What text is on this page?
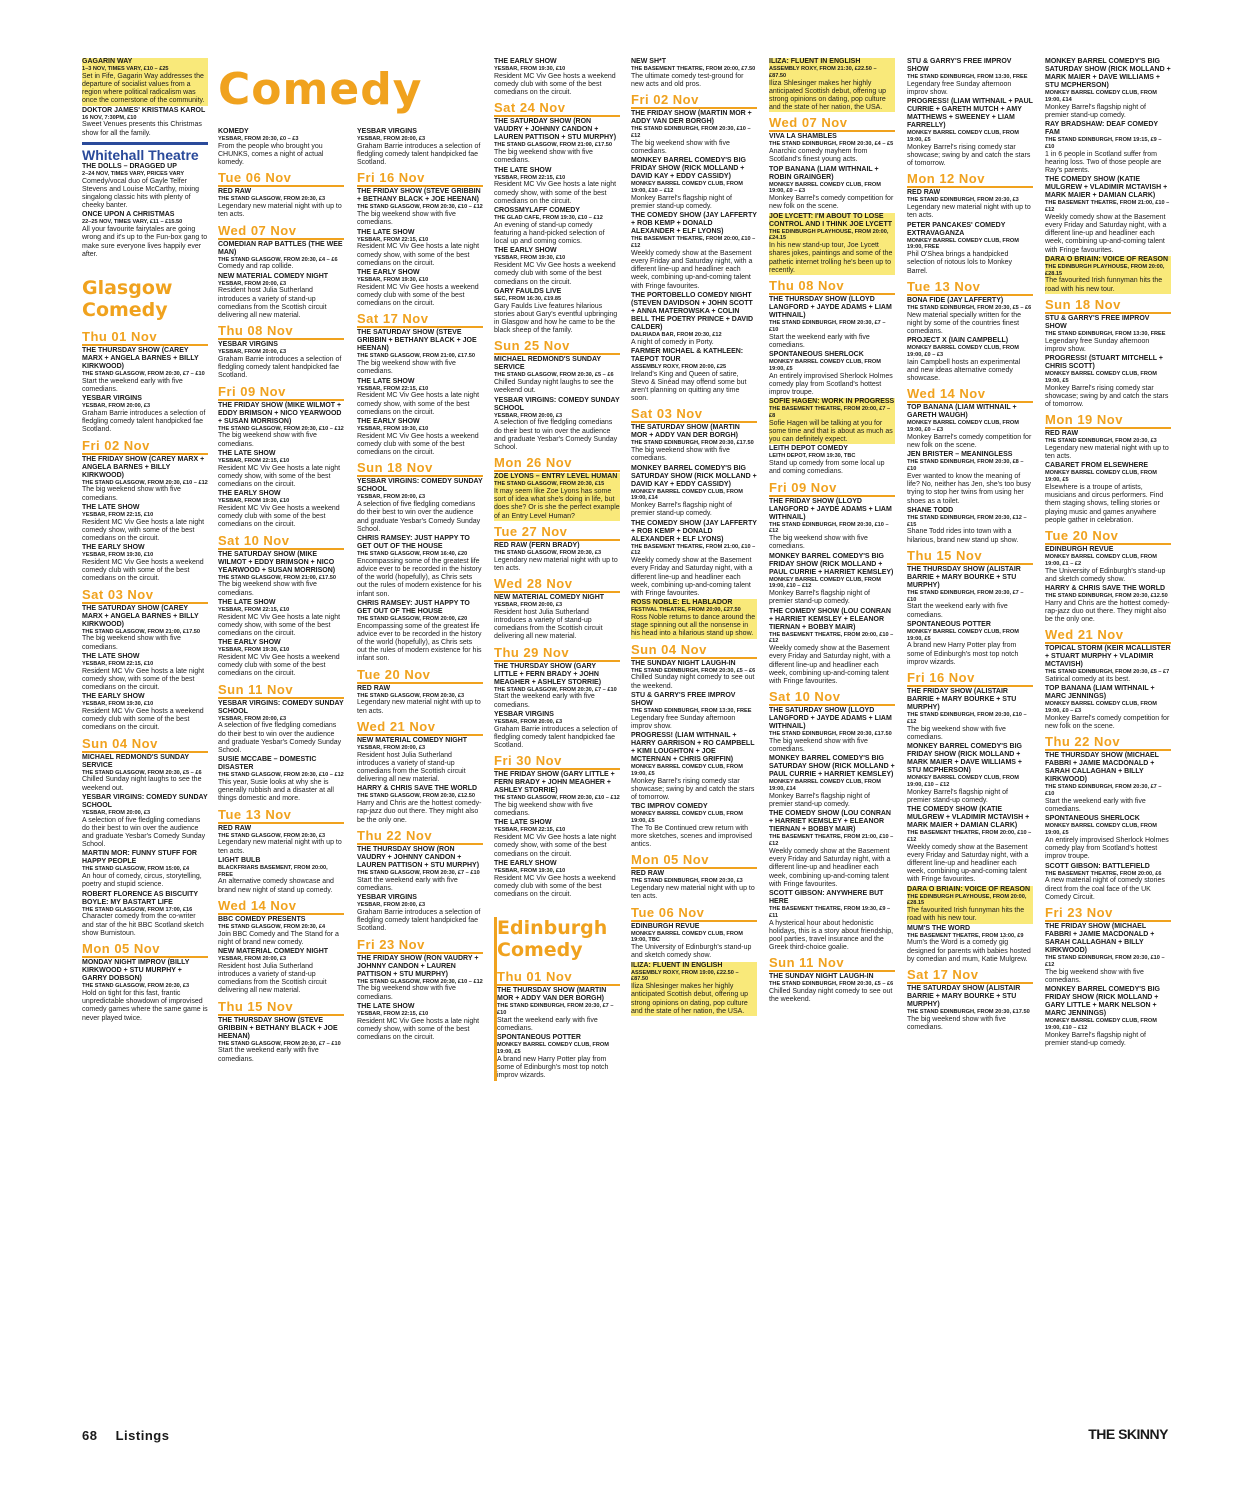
Comedy
GAGARIN WAY
1–3 NOV, TIMES VARY, £10 – £25
Set in Fife, Gagarin Way addresses the departure of socialist values from a region where political radicalism was once the cornerstone of the community.
DOKTOR JAMES' KRISTMAS KAROL
16 NOV, 7:30PM, £10
Sweet Venues presents this Christmas show for all the family.
Whitehall Theatre
THE DOLLS – DRAGGED UP
2–24 NOV, TIMES VARY, PRICES VARY
Comedy/vocal duo of Gayle Telfer Stevens and Louise McCarthy, mixing singalong classic hits with plenty of cheeky banter.
ONCE UPON A CHRISTMAS
22–25 NOV, TIMES VARY, £11 – £15.50
All your favourite fairytales are going wrong and it's up to the Fun-box gang to make sure everyone lives happily ever after.
Glasgow Comedy
Thu 01 Nov
THE THURSDAY SHOW (CAREY MARX + ANGELA BARNES + BILLY KIRKWOOD)
THE STAND GLASGOW, FROM 20:30, £7 – £10
Start the weekend early with five comedians.
YESBAR VIRGINS
YESBAR, FROM 20:00, £3
Graham Barrie introduces a selection of fledgling comedy talent handpicked fae Scotland.
Fri 02 Nov
THE FRIDAY SHOW (CAREY MARX + ANGELA BARNES + BILLY KIRKWOOD)
THE STAND GLASGOW, FROM 20:30, £10 – £12
The big weekend show with five comedians.
THE LATE SHOW
YESBAR, FROM 22:15, £10
Resident MC Viv Gee hosts a late night comedy show, with some of the best comedians on the circuit.
THE EARLY SHOW
YESBAR, FROM 19:30, £10
Resident MC Viv Gee hosts a weekend comedy club with some of the best comedians on the circuit.
Sat 03 Nov
THE SATURDAY SHOW (CAREY MARX + ANGELA BARNES + BILLY KIRKWOOD)
THE STAND GLASGOW, FROM 21:00, £17.50
The big weekend show with five comedians.
THE LATE SHOW
YESBAR, FROM 22:15, £10
Resident MC Viv Gee hosts a late night comedy show, with some of the best comedians on the circuit.
THE EARLY SHOW
YESBAR, FROM 19:30, £10
Resident MC Viv Gee hosts a weekend comedy club with some of the best comedians on the circuit.
Sun 04 Nov
MICHAEL REDMOND'S SUNDAY SERVICE
THE STAND GLASGOW, FROM 20:30, £5 – £6
Chilled Sunday night laughs to see the weekend out.
YESBAR VIRGINS: COMEDY SUNDAY SCHOOL
YESBAR, FROM 20:00, £3
A selection of five fledgling comedians do their best to win over the audience and graduate Yesbar's Comedy Sunday School.
MARTIN MOR: FUNNY STUFF FOR HAPPY PEOPLE
THE STAND GLASGOW, FROM 15:00, £4
An hour of comedy, circus, storytelling, poetry and stupid science.
ROBERT FLORENCE AS BISCUITY BOYLE: MY BASTART LIFE
THE STAND GLASGOW, FROM 17:00, £16
Character comedy from the co-writer and star of the hit BBC Scotland sketch show Burnistoun.
Mon 05 Nov
MONDAY NIGHT IMPROV (BILLY KIRKWOOD + STU MURPHY + GARRY DOBSON)
THE STAND GLASGOW, FROM 20:30, £3
Hold on tight for this fast, frantic unpredictable showdown of improvised comedy games where the same game is never played twice.
KOMEDY
YESBAR, FROM 20:30, £0 – £3
From the people who brought you CHUNKS, comes a night of actual komedy.
Tue 06 Nov
RED RAW
THE STAND GLASGOW, FROM 20:30, £3
Legendary new material night with up to ten acts.
Wed 07 Nov
COMEDIAN RAP BATTLES (THE WEE MAN)
THE STAND GLASGOW, FROM 20:30, £4 – £6
Comedy and rap collide.
NEW MATERIAL COMEDY NIGHT
YESBAR, FROM 20:00, £3
Resident host Julia Sutherland introduces a variety of stand-up comedians from the Scottish circuit delivering all new material.
Thu 08 Nov
YESBAR VIRGINS
YESBAR, FROM 20:00, £3
Graham Barrie introduces a selection of fledgling comedy talent handpicked fae Scotland.
Fri 09 Nov
THE FRIDAY SHOW (MIKE WILMOT + EDDY BRIMSON + NICO YEARWOOD + SUSAN MORRISON)
THE STAND GLASGOW, FROM 20:30, £10 – £12
The big weekend show with five comedians.
THE LATE SHOW
YESBAR, FROM 22:15, £10
Resident MC Viv Gee hosts a late night comedy show, with some of the best comedians on the circuit.
THE EARLY SHOW
YESBAR, FROM 19:30, £10
Resident MC Viv Gee hosts a weekend comedy club with some of the best comedians on the circuit.
Sat 10 Nov
THE SATURDAY SHOW (MIKE WILMOT + EDDY BRIMSON + NICO YEARWOOD + SUSAN MORRISON)
THE STAND GLASGOW, FROM 21:00, £17.50
The big weekend show with five comedians.
THE LATE SHOW
YESBAR, FROM 22:15, £10
Resident MC Viv Gee hosts a late night comedy show, with some of the best comedians on the circuit.
THE EARLY SHOW
YESBAR, FROM 19:30, £10
Resident MC Viv Gee hosts a weekend comedy club with some of the best comedians on the circuit.
Sun 11 Nov
YESBAR VIRGINS: COMEDY SUNDAY SCHOOL
YESBAR, FROM 20:00, £3
A selection of five fledgling comedians do their best to win over the audience and graduate Yesbar's Comedy Sunday School.
SUSIE MCCABE – DOMESTIC DISASTER
THE STAND GLASGOW, FROM 20:30, £10 – £12
This year, Susie looks at why she is generally rubbish and a disaster at all things domestic and more.
Tue 13 Nov
RED RAW
THE STAND GLASGOW, FROM 20:30, £3
Legendary new material night with up to ten acts.
LIGHT BULB
BLACKFRIARS BASEMENT, FROM 20:00, FREE
An alternative comedy showcase and brand new night of stand up comedy.
Wed 14 Nov
BBC COMEDY PRESENTS
THE STAND GLASGOW, FROM 20:30, £4
Join BBC Comedy and The Stand for a night of brand new comedy.
NEW MATERIAL COMEDY NIGHT
YESBAR, FROM 20:00, £3
Resident host Julia Sutherland introduces a variety of stand-up comedians from the Scottish circuit delivering all new material.
Thu 15 Nov
THE THURSDAY SHOW (STEVE GRIBBIN + BETHANY BLACK + JOE HEENAN)
THE STAND GLASGOW, FROM 20:30, £7 – £10
Start the weekend early with five comedians.
YESBAR VIRGINS
YESBAR, FROM 20:00, £3
Graham Barrie introduces a selection of fledgling comedy talent handpicked fae Scotland.
Fri 16 Nov
THE FRIDAY SHOW (STEVE GRIBBIN + BETHANY BLACK + JOE HEENAN)
THE STAND GLASGOW, FROM 20:30, £10 – £12
The big weekend show with five comedians.
THE LATE SHOW
YESBAR, FROM 22:15, £10
Resident MC Viv Gee hosts a late night comedy show, with some of the best comedians on the circuit.
THE EARLY SHOW
YESBAR, FROM 19:30, £10
Resident MC Viv Gee hosts a weekend comedy club with some of the best comedians on the circuit.
Sat 17 Nov
THE SATURDAY SHOW (STEVE GRIBBIN + BETHANY BLACK + JOE HEENAN)
THE STAND GLASGOW, FROM 21:00, £17.50
The big weekend show with five comedians.
THE LATE SHOW
YESBAR, FROM 22:15, £10
Resident MC Viv Gee hosts a late night comedy show, with some of the best comedians on the circuit.
THE EARLY SHOW
YESBAR, FROM 19:30, £10
Resident MC Viv Gee hosts a weekend comedy club with some of the best comedians on the circuit.
Sun 18 Nov
YESBAR VIRGINS: COMEDY SUNDAY SCHOOL
YESBAR, FROM 20:00, £3
A selection of five fledgling comedians do their best to win over the audience and graduate Yesbar's Comedy Sunday School.
CHRIS RAMSEY: JUST HAPPY TO GET OUT OF THE HOUSE
THE STAND GLASGOW, FROM 16:40, £20
Encompassing some of the greatest life advice ever to be recorded in the history of the world (hopefully), as Chris sets out the rules of modern existence for his infant son.
CHRIS RAMSEY: JUST HAPPY TO GET OUT OF THE HOUSE
THE STAND GLASGOW, FROM 20:00, £20
Encompassing some of the greatest life advice ever to be recorded in the history of the world (hopefully), as Chris sets out the rules of modern existence for his infant son.
Tue 20 Nov
RED RAW
THE STAND GLASGOW, FROM 20:30, £3
Legendary new material night with up to ten acts.
Wed 21 Nov
NEW MATERIAL COMEDY NIGHT
YESBAR, FROM 20:00, £3
Resident host Julia Sutherland introduces a variety of stand-up comedians from the Scottish circuit delivering all new material.
HARRY & CHRIS SAVE THE WORLD
THE STAND GLASGOW, FROM 20:30, £12.50
Harry and Chris are the hottest comedy-rap-jazz duo out there. They might also be the only one.
Thu 22 Nov
THE THURSDAY SHOW (RON VAUDRY + JOHNNY CANDON + LAUREN PATTISON + STU MURPHY)
THE STAND GLASGOW, FROM 20:30, £7 – £10
Start the weekend early with five comedians.
YESBAR VIRGINS
YESBAR, FROM 20:00, £3
Graham Barrie introduces a selection of fledgling comedy talent handpicked fae Scotland.
Fri 23 Nov
THE FRIDAY SHOW (RON VAUDRY + JOHNNY CANDON + LAUREN PATTISON + STU MURPHY)
THE STAND GLASGOW, FROM 20:30, £10 – £12
The big weekend show with five comedians.
THE LATE SHOW
YESBAR, FROM 22:15, £10
Resident MC Viv Gee hosts a late night comedy show, with some of the best comedians on the circuit.
THE EARLY SHOW
YESBAR, FROM 19:30, £10
Resident MC Viv Gee hosts a weekend comedy club with some of the best comedians on the circuit.
Sat 24 Nov
THE SATURDAY SHOW (RON VAUDRY + JOHNNY CANDON + LAUREN PATTISON + STU MURPHY)
THE STAND GLASGOW, FROM 21:00, £17.50
The big weekend show with five comedians.
THE LATE SHOW
YESBAR, FROM 22:15, £10
Resident MC Viv Gee hosts a late night comedy show, with some of the best comedians on the circuit.
CROSSMYLAFF COMEDY
THE GLAD CAFE, FROM 19:30, £10 – £12
An evening of stand-up comedy featuring a hand-picked selection of local up and coming comics.
THE EARLY SHOW
YESBAR, FROM 19:30, £10
Resident MC Viv Gee hosts a weekend comedy club with some of the best comedians on the circuit.
GARY FAULDS LIVE
SEC, FROM 16:30, £19.85
Gary Faulds Live features hilarious stories about Gary's eventful upbringing in Glasgow and how he came to be the black sheep of the family.
Sun 25 Nov
MICHAEL REDMOND'S SUNDAY SERVICE
THE STAND GLASGOW, FROM 20:30, £5 – £6
Chilled Sunday night laughs to see the weekend out.
YESBAR VIRGINS: COMEDY SUNDAY SCHOOL
YESBAR, FROM 20:00, £3
A selection of five fledgling comedians do their best to win over the audience and graduate Yesbar's Comedy Sunday School.
Mon 26 Nov
ZOE LYONS – ENTRY LEVEL HUMAN
THE STAND GLASGOW, FROM 20:30, £15
It may seem like Zoe Lyons has some sort of idea what she's doing in life, but does she? Or is she the perfect example of an Entry Level Human?
Tue 27 Nov
RED RAW (FERN BRADY)
THE STAND GLASGOW, FROM 20:30, £3
Legendary new material night with up to ten acts.
Wed 28 Nov
NEW MATERIAL COMEDY NIGHT
YESBAR, FROM 20:00, £3
Resident host Julia Sutherland introduces a variety of stand-up comedians from the Scottish circuit delivering all new material.
Thu 29 Nov
THE THURSDAY SHOW (GARY LITTLE + FERN BRADY + JOHN MEAGHER + ASHLEY STORRIE)
THE STAND GLASGOW, FROM 20:30, £7 – £10
Start the weekend early with five comedians.
YESBAR VIRGINS
YESBAR, FROM 20:00, £3
Graham Barrie introduces a selection of fledgling comedy talent handpicked fae Scotland.
Fri 30 Nov
THE FRIDAY SHOW (GARY LITTLE + FERN BRADY + JOHN MEAGHER + ASHLEY STORRIE)
THE STAND GLASGOW, FROM 20:30, £10 – £12
The big weekend show with five comedians.
THE LATE SHOW
YESBAR, FROM 22:15, £10
Resident MC Viv Gee hosts a late night comedy show, with some of the best comedians on the circuit.
THE EARLY SHOW
YESBAR, FROM 19:30, £10
Resident MC Viv Gee hosts a weekend comedy club with some of the best comedians on the circuit.
Edinburgh Comedy
Thu 01 Nov
THE THURSDAY SHOW (MARTIN MOR + ADDY VAN DER BORGH)
THE STAND EDINBURGH, FROM 20:30, £7 – £10
Start the weekend early with five comedians.
SPONTANEOUS POTTER
MONKEY BARREL COMEDY CLUB, FROM 19:00, £5
A brand new Harry Potter play from some of Edinburgh's most top notch improv wizards.
NEW SH*T
THE BASEMENT THEATRE, FROM 20:00, £7.50
The ultimate comedy test-ground for new acts and old pros.
Fri 02 Nov
THE FRIDAY SHOW (MARTIN MOR + ADDY VAN DER BORGH)
THE STAND EDINBURGH, FROM 20:30, £10 – £12
The big weekend show with five comedians.
MONKEY BARREL COMEDY'S BIG FRIDAY SHOW (RICK MOLLAND + DAVID KAY + EDDY CASSIDY)
MONKEY BARREL COMEDY CLUB, FROM 19:00, £10 – £12
Monkey Barrel's flagship night of premier stand-up comedy.
THE COMEDY SHOW (JAY LAFFERTY + ROB KEMP + DONALD ALEXANDER + ELF LYONS)
THE BASEMENT THEATRE, FROM 20:00, £10 – £12
Weekly comedy show at the Basement every Friday and Saturday night, with a different line-up and headliner each week, combining up-and-coming talent with Fringe favourites.
THE PORTOBELLO COMEDY NIGHT (STEVEN DAVIDSON + JOHN SCOTT + ANNA MATEROWSKA + COLIN BELL THE POETRY PRINCE + DAVID CALDER)
DALRIADA BAR, FROM 20:30, £12
A night of comedy in Porty.
FARMER MICHAEL & KATHLEEN: TAEPOT TOUR
ASSEMBLY ROXY, FROM 20:00, £25
Ireland's King and Queen of satire, Stevo & Sinéad may offend some but aren't planning on quitting any time soon.
Sat 03 Nov
THE SATURDAY SHOW (MARTIN MOR + ADDY VAN DER BORGH)
THE STAND EDINBURGH, FROM 20:30, £17.50
The big weekend show with five comedians.
MONKEY BARREL COMEDY'S BIG SATURDAY SHOW (RICK MOLLAND + DAVID KAY + EDDY CASSIDY)
MONKEY BARREL COMEDY CLUB, FROM 19:00, £14
Monkey Barrel's flagship night of premier stand-up comedy.
THE COMEDY SHOW (JAY LAFFERTY + ROB KEMP + DONALD ALEXANDER + ELF LYONS)
THE BASEMENT THEATRE, FROM 21:00, £10 – £12
Weekly comedy show at the Basement every Friday and Saturday night, with a different line-up and headliner each week, combining up-and-coming talent with Fringe favourites.
ROSS NOBLE: EL HABLADOR
FESTIVAL THEATRE, FROM 20:00, £27.50
Ross Noble returns to dance around the stage spinning out all the nonsense in his head into a hilarious stand up show.
Sun 04 Nov
THE SUNDAY NIGHT LAUGH-IN
THE STAND EDINBURGH, FROM 20:30, £5 – £6
Chilled Sunday night comedy to see out the weekend.
STU & GARRY'S FREE IMPROV SHOW
THE STAND EDINBURGH, FROM 13:30, FREE
Legendary free Sunday afternoon improv show.
PROGRESS! (LIAM WITHNAIL + HARRY GARRISON + RO CAMPBELL + KIMI LOUGHTON + JOE MCTERNAN + CHRIS GRIFFIN)
MONKEY BARREL COMEDY CLUB, FROM 19:00, £5
Monkey Barrel's rising comedy star showcase; swing by and catch the stars of tomorrow.
TBC IMPROV COMEDY
MONKEY BARREL COMEDY CLUB, FROM 19:00, £5
The To Be Continued crew return with more sketches, scenes and improvised antics.
Mon 05 Nov
RED RAW
THE STAND EDINBURGH, FROM 20:30, £3
Legendary new material night with up to ten acts.
Tue 06 Nov
EDINBURGH REVUE
MONKEY BARREL COMEDY CLUB, FROM 19:00, TBC
The University of Edinburgh's stand-up and sketch comedy show.
ILIZA: FLUENT IN ENGLISH
ASSEMBLY ROXY, FROM 19:00, £22.50 – £87.50
Iliza Shlesinger makes her highly anticipated Scottish debut, offering up strong opinions on dating, pop culture and the state of her nation, the USA.
ILIZA: FLUENT IN ENGLISH
ASSEMBLY ROXY, FROM 21:30, £22.50 – £87.50
Iliza Shlesinger makes her highly anticipated Scottish debut, offering up strong opinions on dating, pop culture and the state of her nation, the USA.
Wed 07 Nov
VIVA LA SHAMBLES
THE STAND EDINBURGH, FROM 20:30, £4 – £5
Anarchic comedy mayhem from Scotland's finest young acts.
TOP BANANA (LIAM WITHNAIL + ROBIN GRAINGER)
MONKEY BARREL COMEDY CLUB, FROM 19:00, £0 – £3
Monkey Barrel's comedy competition for new folk on the scene.
JOE LYCETT: I'M ABOUT TO LOSE CONTROL AND I THINK JOE LYCETT
THE EDINBURGH PLAYHOUSE, FROM 20:00, £24.15
In his new stand-up tour, Joe Lycett shares jokes, paintings and some of the pathetic internet trolling he's been up to recently.
Thu 08 Nov
THE THURSDAY SHOW (LLOYD LANGFORD + JAYDE ADAMS + LIAM WITHNAIL)
THE STAND EDINBURGH, FROM 20:30, £7 – £10
Start the weekend early with five comedians.
SPONTANEOUS SHERLOCK
MONKEY BARREL COMEDY CLUB, FROM 19:00, £5
An entirely improvised Sherlock Holmes comedy play from Scotland's hottest improv troupe.
SOFIE HAGEN: WORK IN PROGRESS
THE BASEMENT THEATRE, FROM 20:00, £7 – £8
Sofie Hagen will be talking at you for some time and that is about as much as you can definitely expect.
LEITH DEPOT COMEDY
LEITH DEPOT, FROM 19:30, TBC
Stand up comedy from some local up and coming comedians.
Fri 09 Nov
THE FRIDAY SHOW (LLOYD LANGFORD + JAYDE ADAMS + LIAM WITHNAIL)
THE STAND EDINBURGH, FROM 20:30, £10 – £12
The big weekend show with five comedians.
MONKEY BARREL COMEDY'S BIG FRIDAY SHOW (RICK MOLLAND + PAUL CURRIE + HARRIET KEMSLEY)
MONKEY BARREL COMEDY CLUB, FROM 19:00, £10 – £12
Monkey Barrel's flagship night of premier stand-up comedy.
THE COMEDY SHOW (LOU CONRAN + HARRIET KEMSLEY + ELEANOR TIERNAN + BOBBY MAIR)
THE BASEMENT THEATRE, FROM 20:00, £10 – £12
Weekly comedy show at the Basement every Friday and Saturday night, with a different line-up and headliner each week, combining up-and-coming talent with Fringe favourites.
Sat 10 Nov
THE SATURDAY SHOW (LLOYD LANGFORD + JAYDE ADAMS + LIAM WITHNAIL)
THE STAND EDINBURGH, FROM 20:30, £17.50
The big weekend show with five comedians.
MONKEY BARREL COMEDY'S BIG SATURDAY SHOW (RICK MOLLAND + PAUL CURRIE + HARRIET KEMSLEY)
MONKEY BARREL COMEDY CLUB, FROM 19:00, £14
Monkey Barrel's flagship night of premier stand-up comedy.
THE COMEDY SHOW (LOU CONRAN + HARRIET KEMSLEY + ELEANOR TIERNAN + BOBBY MAIR)
THE BASEMENT THEATRE, FROM 21:00, £10 – £12
Weekly comedy show at the Basement every Friday and Saturday night, with a different line-up and headliner each week, combining up-and-coming talent with Fringe favourites.
SCOTT GIBSON: ANYWHERE BUT HERE
THE BASEMENT THEATRE, FROM 19:30, £9 – £11
A hysterical hour about hedonistic holidays, this is a story about friendship, pool parties, travel insurance and the Greek third-choice goalie.
Sun 11 Nov
THE SUNDAY NIGHT LAUGH-IN
THE STAND EDINBURGH, FROM 20:30, £5 – £6
Chilled Sunday night comedy to see out the weekend.
STU & GARRY'S FREE IMPROV SHOW
THE STAND EDINBURGH, FROM 13:30, FREE
Legendary free Sunday afternoon improv show.
PROGRESS! (LIAM WITHNAIL + PAUL CURRIE + GARETH MUTCH + AMY MATTHEWS + SWEENEY + LIAM FARRELLY)
MONKEY BARREL COMEDY CLUB, FROM 19:00, £5
Monkey Barrel's rising comedy star showcase; swing by and catch the stars of tomorrow.
Mon 12 Nov
RED RAW
THE STAND EDINBURGH, FROM 20:30, £3
Legendary new material night with up to ten acts.
PETER PANCAKES' COMEDY EXTRAVAGANZA
MONKEY BARREL COMEDY CLUB, FROM 19:00, FREE
Phil O'Shea brings a handpicked selection of riotous lols to Monkey Barrel.
Tue 13 Nov
BONA FIDE (JAY LAFFERTY)
THE STAND EDINBURGH, FROM 20:30, £5 – £6
New material specially written for the night by some of the countries finest comedians.
PROJECT X (IAIN CAMPBELL)
MONKEY BARREL COMEDY CLUB, FROM 19:00, £0 – £3
Iain Campbell hosts an experimental and new ideas alternative comedy showcase.
Wed 14 Nov
TOP BANANA (LIAM WITHNAIL + GARETH WAUGH)
MONKEY BARREL COMEDY CLUB, FROM 19:00, £0 – £3
Monkey Barrel's comedy competition for new folk on the scene.
JEN BRISTER – MEANINGLESS
THE STAND EDINBURGH, FROM 20:30, £8 – £10
Ever wanted to know the meaning of life? No, neither has Jen, she's too busy trying to stop her twins from using her shoes as a toilet.
SHANE TODD
THE STAND EDINBURGH, FROM 20:30, £12 – £15
Shane Todd rides into town with a hilarious, brand new stand up show.
Thu 15 Nov
THE THURSDAY SHOW (ALISTAIR BARRIE + MARY BOURKE + STU MURPHY)
THE STAND EDINBURGH, FROM 20:30, £7 – £10
Start the weekend early with five comedians.
SPONTANEOUS POTTER
MONKEY BARREL COMEDY CLUB, FROM 19:00, £5
A brand new Harry Potter play from some of Edinburgh's most top notch improv wizards.
Fri 16 Nov
THE FRIDAY SHOW (ALISTAIR BARRIE + MARY BOURKE + STU MURPHY)
THE STAND EDINBURGH, FROM 20:30, £10 – £12
The big weekend show with five comedians.
MONKEY BARREL COMEDY'S BIG FRIDAY SHOW (RICK MOLLAND + MARK MAIER + DAVE WILLIAMS + STU MCPHERSON)
MONKEY BARREL COMEDY CLUB, FROM 19:00, £10 – £12
Monkey Barrel's flagship night of premier stand-up comedy.
THE COMEDY SHOW (KATIE MULGREW + VLADIMIR MCTAVISH + MARK MAIER + DAMIAN CLARK)
THE BASEMENT THEATRE, FROM 20:00, £10 – £12
Weekly comedy show at the Basement every Friday and Saturday night, with a different line-up and headliner each week, combining up-and-coming talent with Fringe favourites.
DARA O BRIAIN: VOICE OF REASON
THE EDINBURGH PLAYHOUSE, FROM 20:00, £28.15
The favourited Irish funnyman hits the road with his new tour.
MUM'S THE WORD
THE BASEMENT THEATRE, FROM 13:00, £9
Mum's the Word is a comedy gig designed for parents with babies hosted by comedian and mum, Katie Mulgrew.
Sat 17 Nov
THE SATURDAY SHOW (ALISTAIR BARRIE + MARY BOURKE + STU MURPHY)
THE STAND EDINBURGH, FROM 20:30, £17.50
The big weekend show with five comedians.
MONKEY BARREL COMEDY'S BIG SATURDAY SHOW (RICK MOLLAND + MARK MAIER + DAVE WILLIAMS + STU MCPHERSON)
MONKEY BARREL COMEDY CLUB, FROM 19:00, £14
Monkey Barrel's flagship night of premier stand-up comedy.
RAY BRADSHAW: DEAF COMEDY FAM
THE STAND EDINBURGH, FROM 19:15, £9 – £10
1 in 6 people in Scotland suffer from hearing loss. Two of those people are Ray's parents.
THE COMEDY SHOW (KATIE MULGREW + VLADIMIR MCTAVISH + MARK MAIER + DAMIAN CLARK)
THE BASEMENT THEATRE, FROM 21:00, £10 – £12
Weekly comedy show at the Basement every Friday and Saturday night, with a different line-up and headliner each week, combining up-and-coming talent with Fringe favourites.
DARA O BRIAIN: VOICE OF REASON
THE EDINBURGH PLAYHOUSE, FROM 20:00, £28.15
The favourited Irish funnyman hits the road with his new tour.
Sun 18 Nov
STU & GARRY'S FREE IMPROV SHOW
THE STAND EDINBURGH, FROM 13:30, FREE
Legendary free Sunday afternoon improv show.
PROGRESS! (STUART MITCHELL + CHRIS SCOTT)
MONKEY BARREL COMEDY CLUB, FROM 19:00, £5
Monkey Barrel's rising comedy star showcase; swing by and catch the stars of tomorrow.
Mon 19 Nov
RED RAW
THE STAND EDINBURGH, FROM 20:30, £3
Legendary new material night with up to ten acts.
CABARET FROM ELSEWHERE
MONKEY BARREL COMEDY CLUB, FROM 19:00, £5
Elsewhere is a troupe of artists, musicians and circus performers. Find them staging shows, telling stories or playing music and games anywhere people gather in celebration.
Tue 20 Nov
EDINBURGH REVUE
MONKEY BARREL COMEDY CLUB, FROM 19:00, £1 – £2
The University of Edinburgh's stand-up and sketch comedy show.
HARRY & CHRIS SAVE THE WORLD
THE STAND EDINBURGH, FROM 20:30, £12.50
Harry and Chris are the hottest comedy-rap-jazz duo out there. They might also be the only one.
Wed 21 Nov
TOPICAL STORM (KEIR MCALLISTER + STUART MURPHY + VLADIMIR MCTAVISH)
THE STAND EDINBURGH, FROM 20:30, £5 – £7
Satirical comedy at its best.
TOP BANANA (LIAM WITHNAIL + MARC JENNINGS)
MONKEY BARREL COMEDY CLUB, FROM 19:00, £0 – £3
Monkey Barrel's comedy competition for new folk on the scene.
Thu 22 Nov
THE THURSDAY SHOW (MICHAEL FABBRI + JAMIE MACDONALD + SARAH CALLAGHAN + BILLY KIRKWOOD)
THE STAND EDINBURGH, FROM 20:30, £7 – £10
Start the weekend early with five comedians.
SPONTANEOUS SHERLOCK
MONKEY BARREL COMEDY CLUB, FROM 19:00, £5
An entirely improvised Sherlock Holmes comedy play from Scotland's hottest improv troupe.
SCOTT GIBSON: BATTLEFIELD
THE BASEMENT THEATRE, FROM 20:00, £6
A new material night of comedy stories direct from the coal face of the UK Comedy Circuit.
Fri 23 Nov
THE FRIDAY SHOW (MICHAEL FABBRI + JAMIE MACDONALD + SARAH CALLAGHAN + BILLY KIRKWOOD)
THE STAND EDINBURGH, FROM 20:30, £10 – £12
The big weekend show with five comedians.
MONKEY BARREL COMEDY'S BIG FRIDAY SHOW (RICK MOLLAND + GARY LITTLE + MARK NELSON + MARC JENNINGS)
MONKEY BARREL COMEDY CLUB, FROM 19:00, £10 – £12
Monkey Barrel's flagship night of premier stand-up comedy.
68 Listings	THE SKINNY
